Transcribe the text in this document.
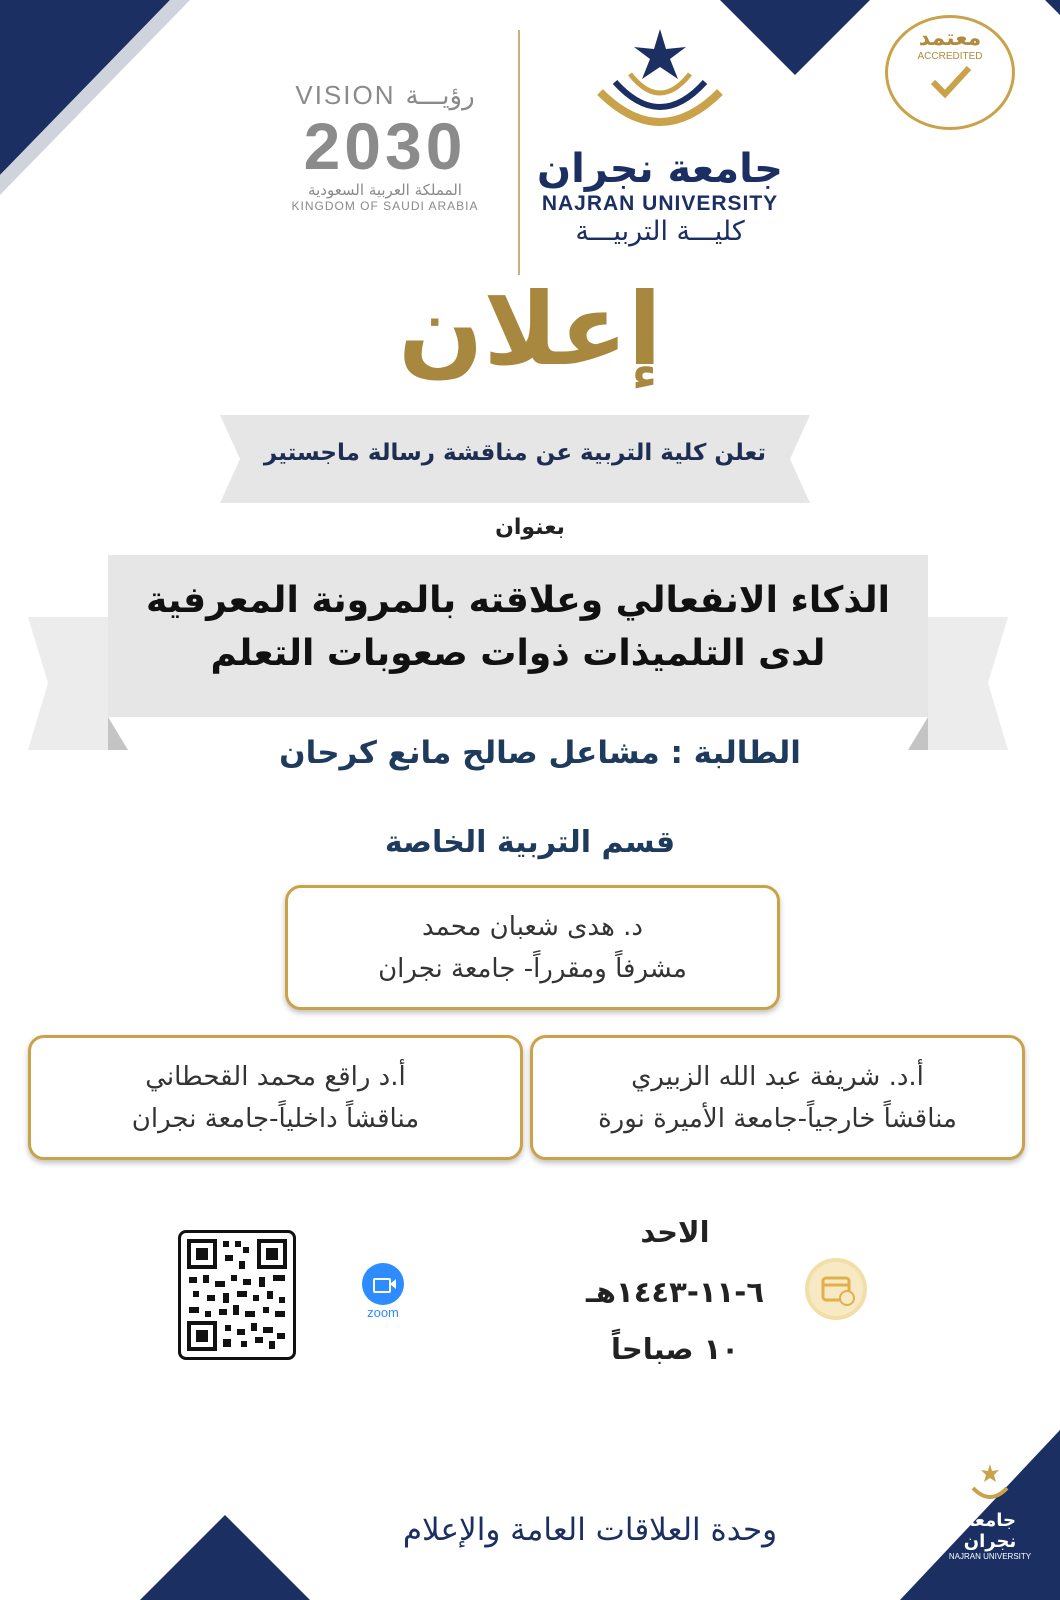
VISION رؤيـــة
2030
المملكة العربية السعودية
KINGDOM OF SAUDI ARABIA
جامعة نجران
NAJRAN UNIVERSITY
كليـــة التربيـــة
معتمد
ACCREDITED
إعلان
تعلن كلية التربية عن مناقشة رسالة ماجستير
بعنوان
الذكاء الانفعالي وعلاقته بالمرونة المعرفية
لدى التلميذات ذوات صعوبات التعلم
الطالبة : مشاعل صالح مانع كرحان
قسم التربية الخاصة
د. هدى شعبان محمد
مشرفاً ومقرراً- جامعة نجران
أ.د. شريفة عبد الله الزبيري
مناقشاً خارجياً-جامعة الأميرة نورة
أ.د راقع محمد القحطاني
مناقشاً داخلياً-جامعة نجران
الاحد
٦-١١-١٤٤٣هـ
١٠ صباحاً
zoom
وحدة العلاقات العامة والإعلام	جامعة نجران
NAJRAN UNIVERSITY
